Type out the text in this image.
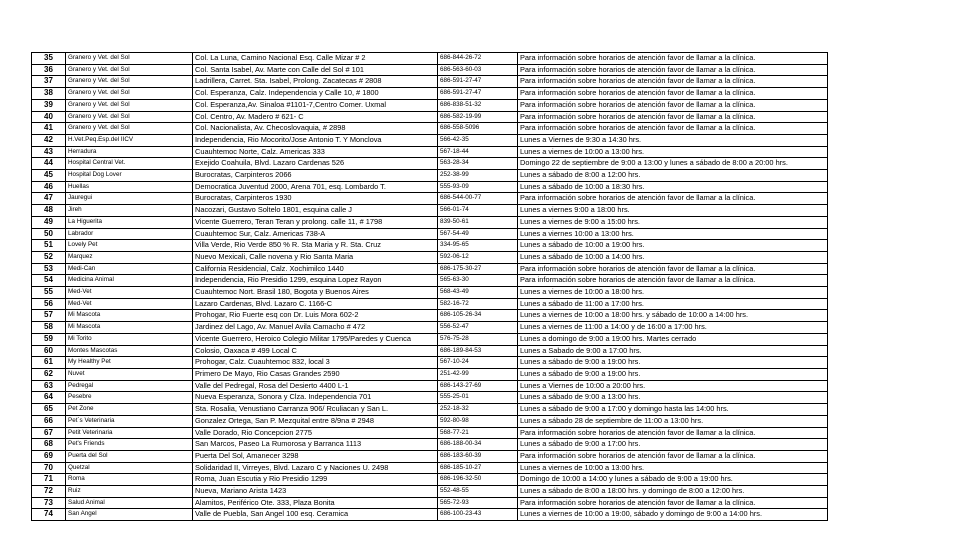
35	Granero y Vet. del Sol	Col. La Luna, Camino Nacional Esq. Calle Mizar # 2	686-844-26-72	Para información sobre horarios de atención favor de llamar a la clínica.
36	Granero y Vet. del Sol	Col. Santa Isabel, Av. Marte con Calle del Sol # 101	686-563-60-03	Para información sobre horarios de atención favor de llamar a la clínica.
37	Granero y Vet. del Sol	Ladrillera, Carret. Sta. Isabel, Prolong. Zacatecas # 2808	686-591-27-47	Para información sobre horarios de atención favor de llamar a la clínica.
38	Granero y Vet. del Sol	Col. Esperanza, Calz. Independencia y Calle 10, # 1800	686-591-27-47	Para información sobre horarios de atención favor de llamar a la clínica.
39	Granero y Vet. del Sol	Col. Esperanza,Av. Sinaloa #1101-7,Centro Comer. Uxmal	686-838-51-32	Para información sobre horarios de atención favor de llamar a la clínica.
40	Granero y Vet. del Sol	Col. Centro, Av. Madero # 621- C	686-582-19-99	Para información sobre horarios de atención favor de llamar a la clínica.
41	Granero y Vet. del Sol	Col. Nacionalista, Av. Checoslovaquia, # 2898	686-558-5096	Para información sobre horarios de atención favor de llamar a la clínica.
42	H.Vet.Peq.Esp.del IICV	Independencia, Rio Mocorito/Jose Antonio T. Y Monclova	566-42-35	Lunes a Viernes de 9:30 a 14:30 hrs.
43	Herradura	Cuauhtemoc Norte, Calz. Americas 333	567-18-44	Lunes a viernes de 10:00 a 13:00 hrs.
44	Hospital Central Vet.	Exejido Coahuila, Blvd. Lazaro Cardenas 526	563-28-34	Domingo 22 de septiembre de 9:00 a 13:00 y lunes a sábado de 8:00 a 20:00 hrs.
45	Hospital Dog Lover	Burocratas, Carpinteros 2066	252-38-99	Lunes a sábado de 8:00 a 12:00 hrs.
46	Huellas	Democratica Juventud 2000, Arena 701, esq. Lombardo T.	555-93-09	Lunes a sábado de 10:00 a 18:30 hrs.
47	Jauregui	Burocratas, Carpinteros 1930	686-544-00-77	Para información sobre horarios de atención favor de llamar a la clínica.
48	Jireh	Nacozari, Gustavo Soltelo 1801, esquina calle J	566-01-74	Lunes a viernes 9:00 a 18:00 hrs.
49	La Higuerita	Vicente Guerrero, Teran Teran y prolong. calle 11, # 1798	839-50-61	Lunes a viernes de 9:00 a 15:00 hrs.
50	Labrador	Cuauhtemoc Sur, Calz. Americas 738-A	567-54-49	Lunes a viernes 10:00 a 13:00 hrs.
51	Lovely Pet	Villa Verde, Rio Verde 850 % R. Sta Maria y R. Sta. Cruz	334-95-65	Lunes a sábado de 10:00 a 19:00 hrs.
52	Marquez	Nuevo Mexicali, Calle novena y Rio Santa Maria	592-06-12	Lunes a sábado de 10:00 a 14:00 hrs.
53	Medi-Can	California Residencial, Calz. Xochimilco 1440	686-175-30-27	Para información sobre horarios de atención favor de llamar a la clínica.
54	Medicina Animal	Independencia, Rio Presidio 1299, esquina Lopez Rayon	565-63-30	Para información sobre horarios de atención favor de llamar a la clínica.
55	Med-Vet	Cuauhtemoc Nort. Brasil 180, Bogota y Buenos Aires	568-43-49	Lunes a viernes de 10:00 a 18:00 hrs.
56	Med-Vet	Lazaro Cardenas, Blvd. Lazaro C. 1166-C	582-16-72	Lunes a sábado de 11:00 a 17:00 hrs.
57	Mi Mascota	Prohogar, Rio Fuerte esq con Dr. Luis Mora 602-2	686-105-26-34	Lunes a viernes de 10:00 a 18:00 hrs. y sábado de 10:00 a 14:00 hrs.
58	Mi Mascota	Jardinez del Lago, Av. Manuel Avila Camacho # 472	556-52-47	Lunes a viernes de 11:00 a 14:00 y de 16:00 a 17:00 hrs.
59	Mi Torito	Vicente Guerrero, Heroico Colegio Militar 1795/Paredes y Cuenca	576-75-28	Lunes a domingo de 9:00 a 19:00 hrs. Martes cerrado
60	Montes Mascotas	Colosio, Oaxaca # 499 Local C	686-189-84-53	Lunes a Sabado de 9:00 a 17:00 hrs.
61	My Healthy Pet	Prohogar, Calz. Cuauhtemoc 832, local 3	567-10-24	Lunes a sábado de 9:00 a 19:00 hrs.
62	Nuvet	Primero De Mayo, Rio Casas Grandes 2590	251-42-99	Lunes a sábado de 9:00 a 19:00 hrs.
63	Pedregal	Valle del Pedregal, Rosa del Desierto 4400 L-1	686-143-27-69	Lunes a Viernes de 10:00 a 20:00 hrs.
64	Pesebre	Nueva Esperanza, Sonora y Clza. Independencia 701	555-25-01	Lunes a sábado de 9:00 a 13:00 hrs.
65	Pet Zone	Sta. Rosalia, Venustiano Carranza 906/ Rculiacan y San L.	252-18-32	Lunes a sábado de 9:00 a 17:00 y domingo hasta las 14:00 hrs.
66	Pet´s Veterinaria	Gonzalez Ortega, San P. Mezquital entre 8/9na # 2948	592-80-98	Lunes a sábado 28 de septiembre de 11:00 a 13:00 hrs.
67	Petit Veterinaria	Valle Dorado, Rio Concepcion 2775	568-77-21	Para información sobre horarios de atención favor de llamar a la clínica.
68	Pet's Friends	San Marcos, Paseo La Rumorosa y Barranca 1113	686-188-00-34	Lunes a sábado de 9:00 a 17:00 hrs.
69	Puerta del Sol	Puerta Del Sol, Amanecer 3298	686-183-60-39	Para información sobre horarios de atención favor de llamar a la clínica.
70	Quetzal	Solidaridad II, Virreyes, Blvd. Lazaro C y Naciones U. 2498	686-185-10-27	Lunes a viernes de 10:00 a 13:00 hrs.
71	Roma	Roma, Juan Escutia y Rio Presidio 1299	686-196-32-50	Domingo de 10:00 a 14:00 y lunes a sábado de 9:00 a 19:00 hrs.
72	Ruiz	Nueva, Mariano Arista 1423	552-48-55	Lunes a sábado de 8:00 a 18:00 hrs. y domingo de 8:00 a 12:00 hrs.
73	Salud Animal	Alamitos, Periférico Ote. 333, Plaza Bonita	565-72-93	Para información sobre horarios de atención favor de llamar a la clínica.
74	San Angel	Valle de Puebla, San Angel 100 esq. Ceramica	686-100-23-43	Lunes a viernes de 10:00 a 19:00, sábado y domingo de 9:00 a 14:00 hrs.
